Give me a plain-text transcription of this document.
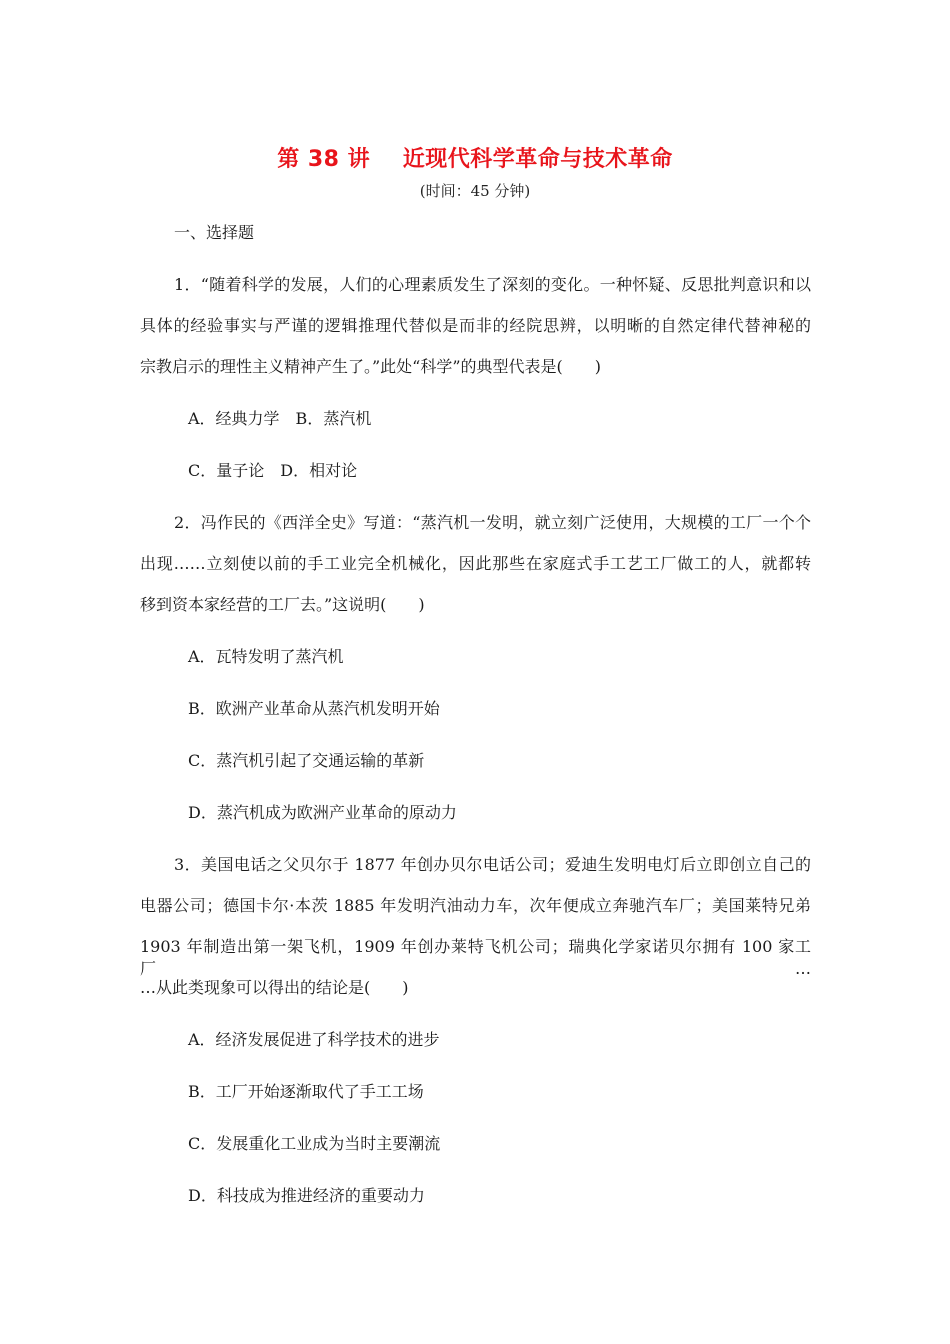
第 38 讲    近现代科学革命与技术革命
(时间：45 分钟)
一、选择题
1．“随着科学的发展，人们的心理素质发生了深刻的变化。一种怀疑、反思批判意识和以
具体的经验事实与严谨的逻辑推理代替似是而非的经院思辨，以明晰的自然定律代替神秘的
宗教启示的理性主义精神产生了。”此处“科学”的典型代表是(　　)
A．经典力学　B．蒸汽机
C．量子论　D．相对论
2．冯作民的《西洋全史》写道：“蒸汽机一发明，就立刻广泛使用，大规模的工厂一个个
出现……立刻使以前的手工业完全机械化，因此那些在家庭式手工艺工厂做工的人，就都转
移到资本家经营的工厂去。”这说明(　　)
A．瓦特发明了蒸汽机
B．欧洲产业革命从蒸汽机发明开始
C．蒸汽机引起了交通运输的革新
D．蒸汽机成为欧洲产业革命的原动力
3．美国电话之父贝尔于 1877 年创办贝尔电话公司；爱迪生发明电灯后立即创立自己的
电器公司；德国卡尔·本茨 1885 年发明汽油动力车，次年便成立奔驰汽车厂；美国莱特兄弟
1903 年制造出第一架飞机，1909 年创办莱特飞机公司；瑞典化学家诺贝尔拥有 100 家工厂…
…从此类现象可以得出的结论是(　　)
A．经济发展促进了科学技术的进步
B．工厂开始逐渐取代了手工工场
C．发展重化工业成为当时主要潮流
D．科技成为推进经济的重要动力
